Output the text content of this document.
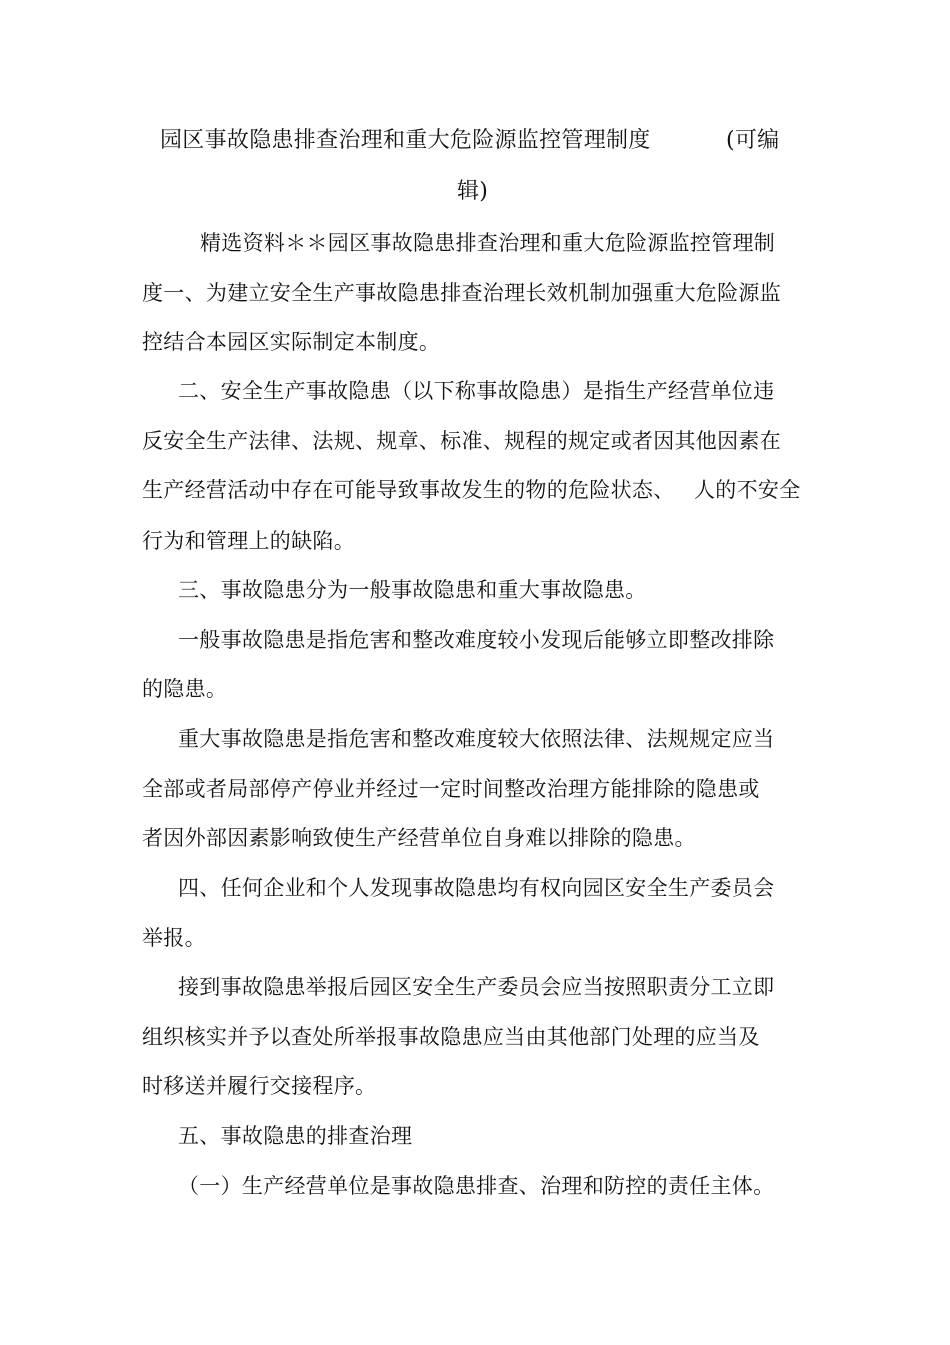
园区事故隐患排查治理和重大危险源监控管理制度	(可编
辑)
精选资料＊＊园区事故隐患排查治理和重大危险源监控管理制
度一、为建立安全生产事故隐患排查治理长效机制加强重大危险源监
控结合本园区实际制定本制度。
二、安全生产事故隐患（以下称事故隐患）是指生产经营单位违
反安全生产法律、法规、规章、标准、规程的规定或者因其他因素在
生产经营活动中存在可能导致事故发生的物的危险状态、 人的不安全
行为和管理上的缺陷。
三、事故隐患分为一般事故隐患和重大事故隐患。
一般事故隐患是指危害和整改难度较小发现后能够立即整改排除
的隐患。
重大事故隐患是指危害和整改难度较大依照法律、法规规定应当
全部或者局部停产停业并经过一定时间整改治理方能排除的隐患或
者因外部因素影响致使生产经营单位自身难以排除的隐患。
四、任何企业和个人发现事故隐患均有权向园区安全生产委员会
举报。
接到事故隐患举报后园区安全生产委员会应当按照职责分工立即
组织核实并予以查处所举报事故隐患应当由其他部门处理的应当及
时移送并履行交接程序。
五、事故隐患的排查治理
（一）生产经营单位是事故隐患排查、治理和防控的责任主体。
